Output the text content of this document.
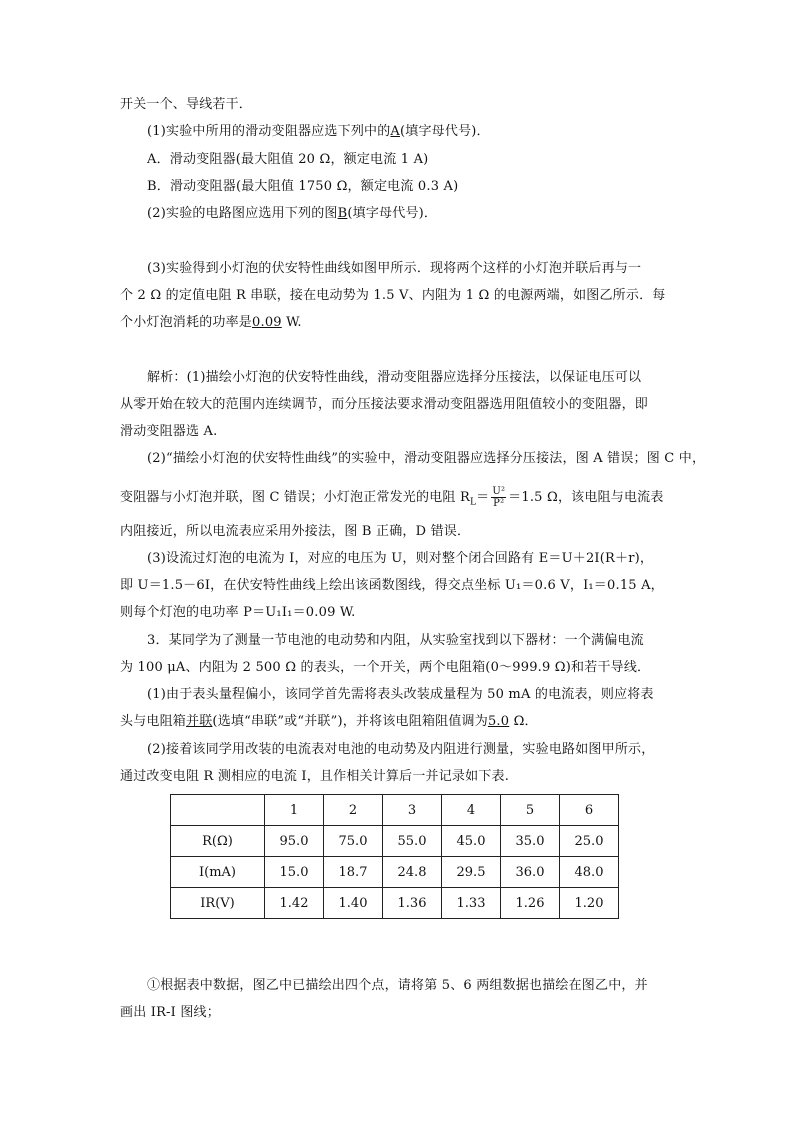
开关一个、导线若干．
(1)实验中所用的滑动变阻器应选下列中的A(填字母代号)．
A．滑动变阻器(最大阻值 20 Ω，额定电流 1 A)
B．滑动变阻器(最大阻值 1750 Ω，额定电流 0.3 A)
(2)实验的电路图应选用下列的图B(填字母代号)．
(3)实验得到小灯泡的伏安特性曲线如图甲所示．现将两个这样的小灯泡并联后再与一
个 2 Ω 的定值电阻 R 串联，接在电动势为 1.5 V、内阻为 1 Ω 的电源两端，如图乙所示．每
个小灯泡消耗的功率是0.09 W.
解析：(1)描绘小灯泡的伏安特性曲线，滑动变阻器应选择分压接法，以保证电压可以
从零开始在较大的范围内连续调节，而分压接法要求滑动变阻器选用阻值较小的变阻器，即
滑动变阻器选 A.
(2)“描绘小灯泡的伏安特性曲线”的实验中，滑动变阻器应选择分压接法，图 A 错误；图 C 中，
变阻器与小灯泡并联，图 C 错误；小灯泡正常发光的电阻 $R_L= \frac{\text{U²}}{\text{P²}} =1.5$ Ω，该电阻与电流表
内阻接近，所以电流表应采用外接法，图 B 正确，D 错误．
(3)设流过灯泡的电流为 I，对应的电压为 U，则对整个闭合回路有 E＝U＋2I(R＋r)，
即 U＝1.5－6I，在伏安特性曲线上绘出该函数图线，得交点坐标 U₁＝0.6 V，I₁＝0.15 A，
则每个灯泡的电功率 P＝U₁I₁＝0.09 W.
3．某同学为了测量一节电池的电动势和内阻，从实验室找到以下器材：一个满偏电流
为 100 μA、内阻为 2 500 Ω 的表头，一个开关，两个电阻箱(0～999.9 Ω)和若干导线．
(1)由于表头量程偏小，该同学首先需将表头改装成量程为 50 mA 的电流表，则应将表
头与电阻箱并联(选填“串联”或“并联”)，并将该电阻箱阻值调为5.0 Ω．
(2)接着该同学用改装的电流表对电池的电动势及内阻进行测量，实验电路如图甲所示，
通过改变电阻 R 测相应的电流 I，且作相关计算后一并记录如下表.
	1	2	3	4	5	6
R(Ω)	95.0	75.0	55.0	45.0	35.0	25.0
I(mA)	15.0	18.7	24.8	29.5	36.0	48.0
IR(V)	1.42	1.40	1.36	1.33	1.26	1.20
①根据表中数据，图乙中已描绘出四个点，请将第 5、6 两组数据也描绘在图乙中，并
画出 IR-I 图线；
